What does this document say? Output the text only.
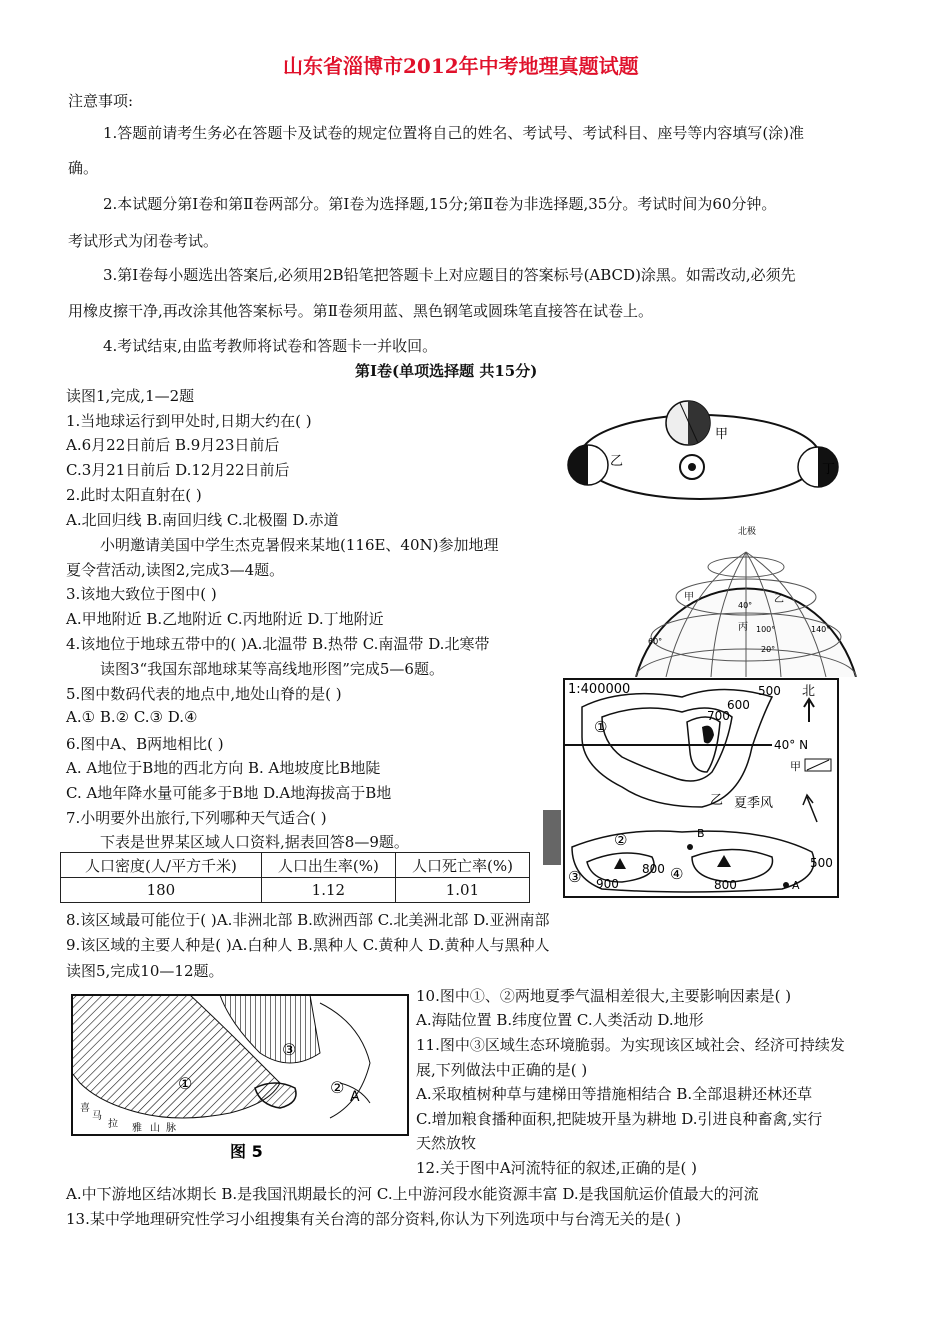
山东省淄博市2012年中考地理真题试题
注意事项:
1.答题前请考生务必在答题卡及试卷的规定位置将自己的姓名、考试号、考试科目、座号等内容填写(涂)准
确。
2.本试题分第Ⅰ卷和第Ⅱ卷两部分。第Ⅰ卷为选择题,15分;第Ⅱ卷为非选择题,35分。考试时间为60分钟。
考试形式为闭卷考试。
3.第Ⅰ卷每小题选出答案后,必须用2B铅笔把答题卡上对应题目的答案标号(ABCD)涂黑。如需改动,必须先
用橡皮擦干净,再改涂其他答案标号。第Ⅱ卷须用蓝、黑色钢笔或圆珠笔直接答在试卷上。
4.考试结束,由监考教师将试卷和答题卡一并收回。
第Ⅰ卷(单项选择题 共15分)
读图1,完成,1—2题
1.当地球运行到甲处时,日期大约在( )
A.6月22日前后 B.9月23日前后
C.3月21日前后 D.12月22日前后
2.此时太阳直射在( )
A.北回归线 B.南回归线 C.北极圈 D.赤道
小明邀请美国中学生杰克暑假来某地(116E、40N)参加地理
夏令营活动,读图2,完成3—4题。
3.该地大致位于图中( )
A.甲地附近 B.乙地附近 C.丙地附近 D.丁地附近
4.该地位于地球五带中的( )A.北温带 B.热带 C.南温带 D.北寒带
读图3“我国东部地球某等高线地形图”完成5—6题。
5.图中数码代表的地点中,地处山脊的是( )
A.① B.② C.③ D.④
6.图中A、B两地相比( )
A. A地位于B地的西北方向 B. A地坡度比B地陡
C. A地年降水量可能多于B地 D.A地海拔高于B地
7.小明要外出旅行,下列哪种天气适合( )
下表是世界某区域人口资料,据表回答8—9题。
人口密度(人/平方千米)	人口出生率(%)	人口死亡率(%)
180	1.12	1.01
8.该区域最可能位于( )A.非洲北部 B.欧洲西部 C.北美洲北部 D.亚洲南部
9.该区域的主要人种是( )A.白种人 B.黑种人 C.黄种人 D.黄种人与黑种人
读图5,完成10—12题。
10.图中①、②两地夏季气温相差很大,主要影响因素是( )
A.海陆位置 B.纬度位置 C.人类活动 D.地形
11.图中③区域生态环境脆弱。为实现该区域社会、经济可持续发
展,下列做法中正确的是( )
A.采取植树种草与建梯田等措施相结合 B.全部退耕还林还草
C.增加粮食播种面积,把陡坡开垦为耕地 D.引进良种畜禽,实行
天然放牧
12.关于图中A河流特征的叙述,正确的是( )
A.中下游地区结冰期长 B.是我国汛期最长的河 C.上中游河段水能资源丰富 D.是我国航运价值最大的河流
13.某中学地理研究性学习小组搜集有关台湾的部分资料,你认为下列选项中与台湾无关的是( )
甲
乙
丁
北极
甲	乙
丙
60°
40°
20°
100°	140°
1:400000	北
40° N
甲
①
②
③	④
乙
B
A
夏季风
500
600
700
800
900	800
500
①	②
③
A
喜
马
拉 雅 山 脉
图 5
